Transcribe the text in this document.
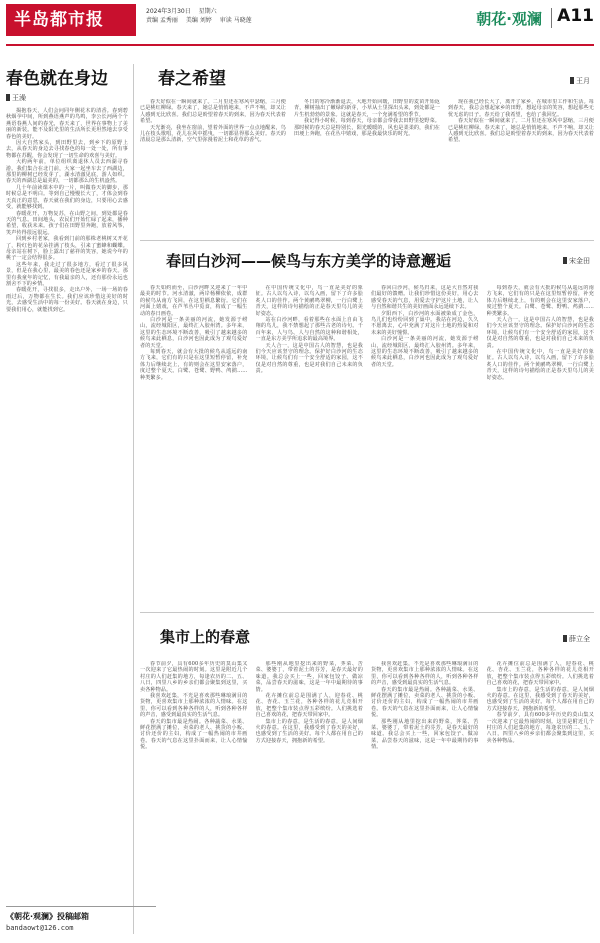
半岛都市报	2024年3月30日 星期六
责编 孟秀丽 美编 刘婷 审读 马晓莲	朝花·观澜 A11
春色就在身边
王澡

揭抱春天，人们会问同年侧花木的清香。春到碧秋烟孕中间，所到燕语燕声的鸟鸣，李公长河两个个燕语春燕人间的春光，春天来了，世界在事物上了美丽的新装。能不及阳光里的生活所长更坦然地去享受春色的美好。

因大自然家头，到田野里去，到乡下的原野上去，从春天的身边去寻找春色的每一处一处，所有事物都在苏醒，你会发现了一切生命的欢喜与美好。

大约两年前，单位组织离退休人员去西湖寻春游。我们集合在北门前，大家一起坐车去了西湖边，那里的柳树已经发芽了，湖水清澈见底，游人如织。春天的西湖总是最美的，一切都那么的生机盎然。

几十年前读课本中的一片，叫做春天的脚步，那时候总是不明白。等到自己慢慢长大了，才体会到春天真正的意思，春天就在我们的身边，只要用心去感受，就能够找到。

春暖花开，万物复苏，在山野之间，到处都是春天的气息。田间地头，农民们开始忙碌了起来，播种希望，收获未来。孩子们在田野里奔跑，放着风筝，笑声传得很远很远。

回到乡村老家，我看到门前的那株老桃树又开花了，粉红色的花朵挂满了枝头，引来了蜜蜂和蝴蝶。母亲站在树下，脸上露出了慈祥的笑容，她说今年的桃子一定会结得很多。

这些年来，我走过了很多地方，看过了很多风景，但是在我心里，最美的春色还是家乡的春天。那里有我童年的记忆，有我最亲的人，还有那份永远也割舍不下的乡情。

春暖花开，寻找很多，走出户外，一场一场的春雨过后，万物都在生长。我们应该珍惜这美好的时光，去感受生活中的每一份美好。春天就在身边，只要我们用心，就能找到它。

春之希望	王月

春天好似在一瞬间就来了。二月里还在寒风中瑟缩，三月便已是桃红柳绿。春天来了，她总是悄悄地来，不声不响，却又让人感到无比欣喜。我们总是盼望着春天的到来，因为春天代表着希望。

天光渐亮，我坐在窗前，望着外面的世界一点点地醒来，鸟儿在枝头歌唱，花儿在风中摇曳，一切都显得那么美好。春天的清晨总是那么清新，空气里弥漫着泥土和花草的香气。

冬日的寒冷渐渐退去，大地开始回暖，田野里的麦苗开始返青，柳树抽出了嫩绿的新芽，小草从土里探出头来，到处都是一片生机勃勃的景象。这就是春天，一个充满希望的季节。

我记得小时候，每到春天，母亲都会带我去田野里挖野菜。那时候的春天总是特别长，阳光暖暖的，风也是柔柔的，我们在田埂上奔跑，在花丛中嬉戏，那是我最快乐的时光。

现在我已经长大了，离开了家乡，在城市里工作和生活。每到春天，我总会想起家乡的田野，想起母亲的笑容，想起那些无忧无虑的日子。春天给了我希望，也给了我回忆。

春天好似在一瞬间就来了。二月里还在寒风中瑟缩，三月便已是桃红柳绿。春天来了，她总是悄悄地来，不声不响，却又让人感到无比欣喜。我们总是盼望着春天的到来，因为春天代表着希望。

春回白沙河——候鸟与东方美学的诗意邂逅	宋金田

春天如约而至，白沙河畔又迎来了一年中最美的时节。河水清澈，两岸杨柳依依，成群的候鸟从南方飞回，在这里栖息繁衍。它们在河面上嬉戏，在芦苇丛中觅食，构成了一幅生动的春日画卷。

白沙河是一条美丽的河流，她发源于崂山，流经城阳区，最终汇入胶州湾。多年来，这里的生态环境不断改善，吸引了越来越多的候鸟来此栖息，白沙河也因此成为了观鸟爱好者的天堂。

每到春天，就会有大批的候鸟从遥远的南方飞来，它们有的只是在这里短暂停留，补充体力后继续北上，有的则会在这里安家落户，度过整个夏天。白鹭、苍鹭、野鸭、鸬鹚……种类繁多。

在中国传统文化中，鸟一直是美好的象征。古人以鸟入诗，以鸟入画，留下了许多脍炙人口的佳作。两个黄鹂鸣翠柳，一行白鹭上青天，这样的诗句描绘的正是春天里鸟儿的美好姿态。

站在白沙河畔，看着那些在水面上自由飞翔的鸟儿，我不禁想起了那些古老的诗句。千百年来，人与鸟、人与自然的这种和谐相处，一直是东方美学所追求的最高境界。

天人合一，这是中国古人的智慧，也是我们今天应该坚守的理念。保护好白沙河的生态环境，让候鸟们有一个安全舒适的家园，这不仅是对自然的尊重，也是对我们自己未来的负责。

春回白沙河，候鸟归来，这是大自然对我们最好的馈赠。让我们珍惜这份美好，用心去感受春天的气息，用爱去守护这片土地，让人与自然和谐共生的美好画面永远延续下去。

夕阳西下，白沙河的水面被染成了金色，鸟儿们也纷纷回到了巢中。我站在河边，久久不愿离去，心中充满了对这片土地的热爱和对未来的美好憧憬。

白沙河是一条美丽的河流，她发源于崂山，流经城阳区，最终汇入胶州湾。多年来，这里的生态环境不断改善，吸引了越来越多的候鸟来此栖息，白沙河也因此成为了观鸟爱好者的天堂。

每到春天，就会有大批的候鸟从遥远的南方飞来，它们有的只是在这里短暂停留，补充体力后继续北上，有的则会在这里安家落户，度过整个夏天。白鹭、苍鹭、野鸭、鸬鹚……种类繁多。

天人合一，这是中国古人的智慧，也是我们今天应该坚守的理念。保护好白沙河的生态环境，让候鸟们有一个安全舒适的家园，这不仅是对自然的尊重，也是对我们自己未来的负责。

在中国传统文化中，鸟一直是美好的象征。古人以鸟入诗，以鸟入画，留下了许多脍炙人口的佳作。两个黄鹂鸣翠柳，一行白鹭上青天，这样的诗句描绘的正是春天里鸟儿的美好姿态。

集市上的春意	薛立全

春节前夕，具有600多年历史的莫山集又一次迎来了它最热闹的时刻。这里是附近几个村庄的人们赶集的地方，每逢农历的二、五、八日，四里八乡的乡亲们都会聚集到这里，买卖各种物品。

我喜欢赶集，不光是喜欢那些琳琅满目的货物，更喜欢集市上那种浓浓的人情味。在这里，你可以看到各种各样的人，听到各种各样的声音，感受到最真实的生活气息。

春天的集市最是热闹。各种蔬菜、水果、鲜花摆满了摊位，卖菜的老人、挑货的小贩、讨价还价的主妇，构成了一幅热闹的市井画卷。春天的气息在这里扑面而来，让人心情愉悦。

那些刚从地里挖出来的野菜，荠菜、苦菜、婆婆丁，带着泥土的芬芳，是春天最好的味道。我总会买上一些，回家包饺子、做凉菜，品尝春天的滋味，这是一年中最期待的事情。

花卉摊位前总是围满了人，迎春花、桃花、杏花、玉兰花，各种各样的花儿竞相开放，把整个集市装点得五彩缤纷。人们挑选着自己喜欢的花，把春天带回家中。

集市上的春意，是生活的春意，是人间烟火的春意。在这里，我感受到了春天的美好，也感受到了生活的美好。每个人都在用自己的方式迎接春天，拥抱新的希望。

我喜欢赶集，不光是喜欢那些琳琅满目的货物，更喜欢集市上那种浓浓的人情味。在这里，你可以看到各种各样的人，听到各种各样的声音，感受到最真实的生活气息。

春天的集市最是热闹。各种蔬菜、水果、鲜花摆满了摊位，卖菜的老人、挑货的小贩、讨价还价的主妇，构成了一幅热闹的市井画卷。春天的气息在这里扑面而来，让人心情愉悦。

那些刚从地里挖出来的野菜，荠菜、苦菜、婆婆丁，带着泥土的芬芳，是春天最好的味道。我总会买上一些，回家包饺子、做凉菜，品尝春天的滋味，这是一年中最期待的事情。

花卉摊位前总是围满了人，迎春花、桃花、杏花、玉兰花，各种各样的花儿竞相开放，把整个集市装点得五彩缤纷。人们挑选着自己喜欢的花，把春天带回家中。

集市上的春意，是生活的春意，是人间烟火的春意。在这里，我感受到了春天的美好，也感受到了生活的美好。每个人都在用自己的方式迎接春天，拥抱新的希望。

春节前夕，具有600多年历史的莫山集又一次迎来了它最热闹的时刻。这里是附近几个村庄的人们赶集的地方，每逢农历的二、五、八日，四里八乡的乡亲们都会聚集到这里，买卖各种物品。

《朝花·观澜》投稿邮箱
bandaowt@126.com
